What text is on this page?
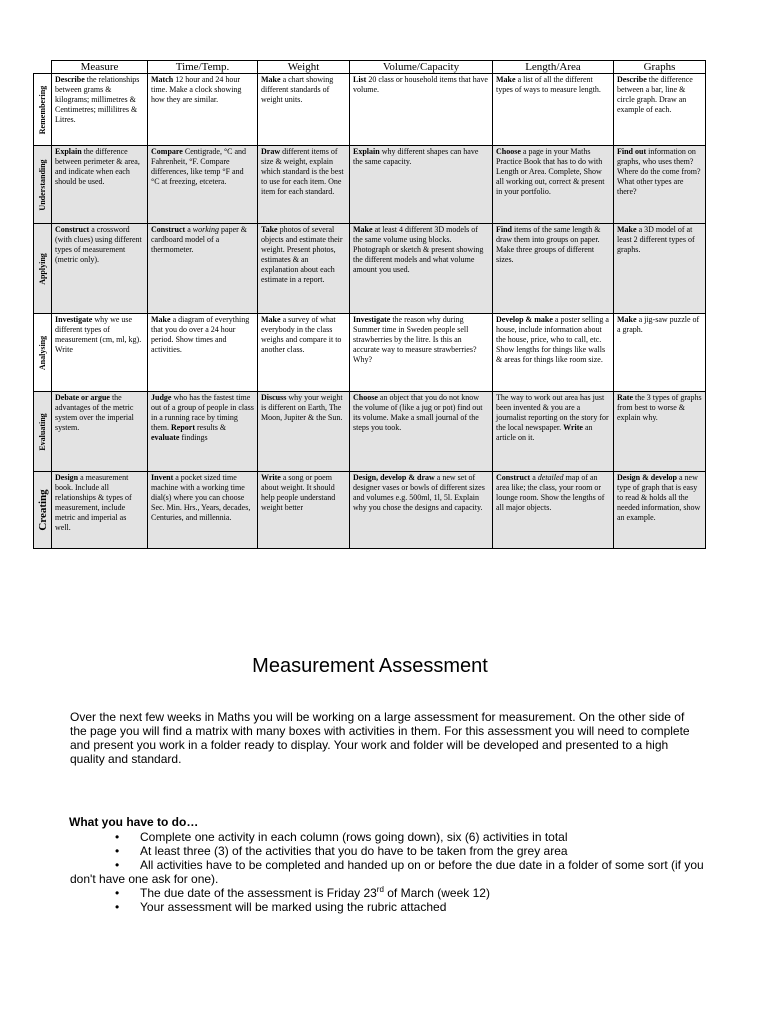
	Measure	Time/Temp.	Weight	Volume/Capacity	Length/Area	Graphs

Remembering	Describe the relationships between grams & kilograms; millimetres & Centimetres; millilitres & Litres.	Match 12 hour and 24 hour time. Make a clock showing how they are similar.	Make a chart showing different standards of weight units.	List 20 class or household items that have volume.	Make a list of all the different types of ways to measure length.	Describe the difference between a bar, line & circle graph. Draw an example of each.

Understanding	Explain the difference between perimeter & area, and indicate when each should be used.	Compare Centigrade, °C and Fahrenheit, °F. Compare differences, like temp °F and °C at freezing, etcetera.	Draw different items of size & weight, explain which standard is the best to use for each item. One item for each standard.	Explain why different shapes can have the same capacity.	Choose a page in your Maths Practice Book that has to do with Length or Area. Complete, Show all working out, correct & present in your portfolio.	Find out information on graphs, who uses them? Where do the come from? What other types are there?

Applying	Construct a crossword (with clues) using different types of measurement (metric only).	Construct a working paper & cardboard model of a thermometer.	Take photos of several objects and estimate their weight. Present photos, estimates & an explanation about each estimate in a report.	Make at least 4 different 3D models of the same volume using blocks. Photograph or sketch & present showing the different models and what volume amount you used.	Find items of the same length & draw them into groups on paper. Make three groups of different sizes.	Make a 3D model of at least 2 different types of graphs.

Analysing	Investigate why we use different types of measurement (cm, ml, kg). Write	Make a diagram of everything that you do over a 24 hour period. Show times and activities.	Make a survey of what everybody in the class weighs and compare it to another class.	Investigate the reason why during Summer time in Sweden people sell strawberries by the litre. Is this an accurate way to measure strawberries? Why?	Develop & make a poster selling a house, include information about the house, price, who to call, etc. Show lengths for things like walls & areas for things like room size.	Make a jig-saw puzzle of a graph.

Evaluating	Debate or argue the advantages of the metric system over the imperial system.	Judge who has the fastest time out of a group of people in class in a running race by timing them. Report results & evaluate findings	Discuss why your weight is different on Earth, The Moon, Jupiter & the Sun.	Choose an object that you do not know the volume of (like a jug or pot) find out its volume. Make a small journal of the steps you took.	The way to work out area has just been invented & you are a journalist reporting on the story for the local newspaper. Write an article on it.	Rate the 3 types of graphs from best to worse & explain why.

Creating	Design a measurement book. Include all relationships & types of measurement, include metric and imperial as well.	Invent a pocket sized time machine with a working time dial(s) where you can choose Sec. Min. Hrs., Years, decades, Centuries, and millennia.	Write a song or poem about weight. It should help people understand weight better	Design, develop & draw a new set of designer vases or bowls of different sizes and volumes e.g. 500ml, 1l, 5l. Explain why you chose the designs and capacity.	Construct a detailed map of an area like; the class, your room or lounge room. Show the lengths of all major objects.	Design & develop a new type of graph that is easy to read & holds all the needed information, show an example.
Measurement Assessment
Over the next few weeks in Maths you will be working on a large assessment for measurement. On the other side of the page you will find a matrix with many boxes with activities in them. For this assessment you will need to complete and present you work in a folder ready to display. Your work and folder will be developed and presented to a high quality and standard.
What you have to do…
• Complete one activity in each column (rows going down), six (6) activities in total
• At least three (3) of the activities that you do have to be taken from the grey area
• All activities have to be completed and handed up on or before the due date in a folder of some sort (if you don't have one ask for one).
• The due date of the assessment is Friday 23rd of March (week 12)
• Your assessment will be marked using the rubric attached
